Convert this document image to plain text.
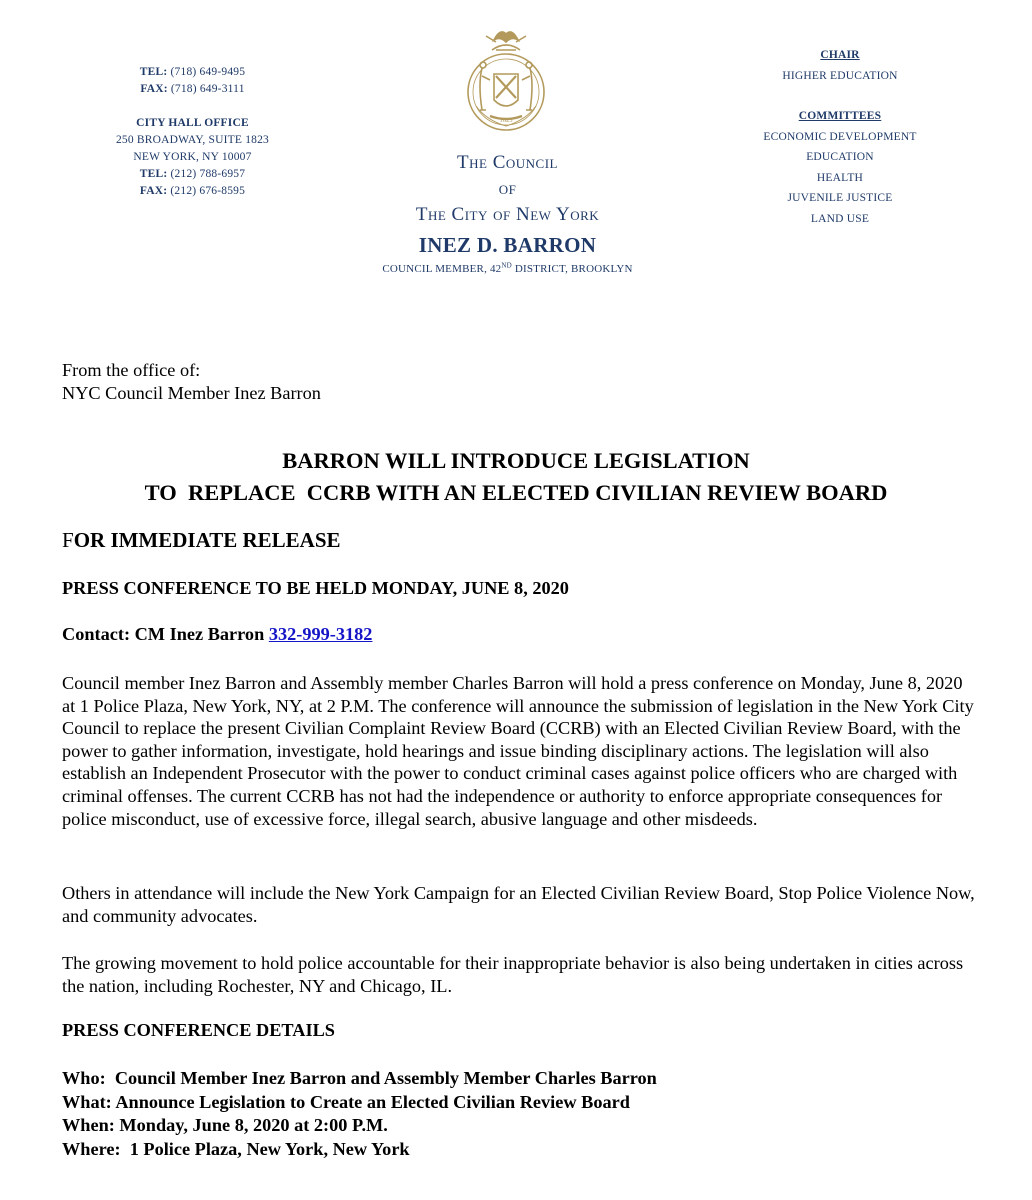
TEL: (718) 649-9495
FAX: (718) 649-3111
CITY HALL OFFICE
250 BROADWAY, SUITE 1823
NEW YORK, NY 10007
TEL: (212) 788-6957
FAX: (212) 676-8595
1625
The Council
of
The City of New York
INEZ D. BARRON
COUNCIL MEMBER, 42ND DISTRICT, BROOKLYN
CHAIR
HIGHER EDUCATION
COMMITTEES
ECONOMIC DEVELOPMENT
EDUCATION
HEALTH
JUVENILE JUSTICE
LAND USE
From the office of:
NYC Council Member Inez Barron
BARRON WILL INTRODUCE LEGISLATION
TO  REPLACE  CCRB WITH AN ELECTED CIVILIAN REVIEW BOARD
FOR IMMEDIATE RELEASE
PRESS CONFERENCE TO BE HELD MONDAY, JUNE 8, 2020
Contact: CM Inez Barron 332-999-3182
Council member Inez Barron and Assembly member Charles Barron will hold a press conference on Monday, June 8, 2020 at 1 Police Plaza, New York, NY, at 2 P.M. The conference will announce the submission of legislation in the New York City Council to replace the present Civilian Complaint Review Board (CCRB) with an Elected Civilian Review Board, with the power to gather information, investigate, hold hearings and issue binding disciplinary actions. The legislation will also establish an Independent Prosecutor with the power to conduct criminal cases against police officers who are charged with criminal offenses. The current CCRB has not had the independence or authority to enforce appropriate consequences for police misconduct, use of excessive force, illegal search, abusive language and other misdeeds.
Others in attendance will include the New York Campaign for an Elected Civilian Review Board, Stop Police Violence Now, and community advocates.
The growing movement to hold police accountable for their inappropriate behavior is also being undertaken in cities across the nation, including Rochester, NY and Chicago, IL.
PRESS CONFERENCE DETAILS
Who:  Council Member Inez Barron and Assembly Member Charles Barron
What: Announce Legislation to Create an Elected Civilian Review Board
When: Monday, June 8, 2020 at 2:00 P.M.
Where:  1 Police Plaza, New York, New York
